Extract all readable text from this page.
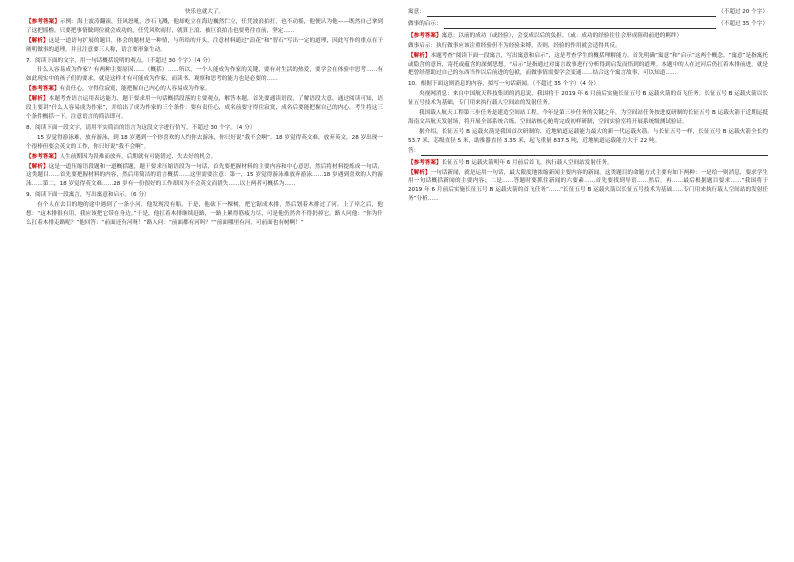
快乐也就大了。

【参考答案】示例：海上波涛翻滚，狂风怒吼，沙石飞溅，他却屹立在海边巍然伫立，任凭波浪拍打，也不动摇，他便认为他——既然自己拿到了这把摇橹，只要把事情做到位就会成功的，任凭风吹雨打，就算上浪、被巨浪拍击也要勇往直前，坚定……

【解析】这是一道语句扩展的题目，体会的题材是一种情，与所给的开头，注意材料通过“浪花”和“智石”写出一定的道理，因此写作的重点在于阐明做事的道理，并且注意要三人称，语言要形象生动。

7．阅读下面的文字，用一句话概括说明的观点。（不超过 30 个字）（4 分）

什么人容易成为作家？有两种主要原因……（概括）……所以，一个人能成为作家的关键，要有对生活的热爱，要学会在体验中思考……有如此现实中的孩子们的要求，就是这样才有可能成为作家，而读书、观察和思考的能力也是必要的……

【参考答案】有责任心，守得住寂寞，能把握自己内心的人容易成为作家。

【解析】本题考查语言运用表达能力，题干要求用一句话概括段落的主要观点，解答本题，首先要通读语段，了解语段大意，通过阅读可知，语段主要讲“什么人容易成为作家”，并给出了成为作家的三个条件：要有责任心，成名前要守得住寂寞，成名后要能把握自己的内心。考生将这三个条件概括一下，注意语言的简洁即可。

8．阅读下面一段文字，请用平实简洁的语言为这段文字进行仿写，不超过 30 个字。（4 分）

15 岁觉得游泳难，放弃游泳，到 18 岁遇到一个你喜欢的人约你去游泳，你只好说“我不会啊”。18 岁觉得英文难，放弃英文，28 岁出现一个很棒但要会英文的工作，你只好说“我不会啊”。

【参考答案】人生前期因为畏难而放弃，后期就有可能错过、失去好的机会。

【解析】这是一道压缩语段题和一道概括题，题干要求压缩语段为一句话，首先要把握材料的主要内容和中心意思，然后将材料提炼成一句话，这类题目……首先要把握材料的内容，然后用简洁的语言概括……这里需要注意：第一，15 岁觉得游泳难放弃游泳……18 岁遇到喜欢的人约游泳……第二，18 岁觉得英文难……28 岁有一份很好的工作却因为不会英文而错失……以上两者可概括为……

9．阅读下面一段寓言，写出寓意和启示。（6 分）

有个人在去目的地的途中遇到了一条小河，他发现没有船，于是，他砍下一棵树，把它锯成木排，然后划着木排过了河。上了岸之后，他想：“这木排很有用，我应该把它带在身边。”于是，他扛着木排继续赶路，一路上累得筋疲力尽，可是他仍然舍不得扔掉它。路人问他：“你为什么扛着木排走路呢？”他回答：“前面还有河呀！”路人问：“前面都有河吗？”“前面哪里有河，可前面也有树啊！”

寓意：	（不超过 20 个字）
做事的启示：	（不超过 35 个字）

【参考答案】寓意：以前的成功（或经验），会变成以后的负担。（或：成功的经验往往会形成阻碍前进的羁绊）

做事启示：执行做事应该注重经验但不为经验束缚，否则，经验的作用就会适得其反。

【解析】本题考查“阅读下面一段寓言，写出寓意和启示”，这是考查学生的概括理解能力。首先明确“寓意”和“启示”这两个概念。“寓意”是指寓托或隐含的意旨，寄托或蕴含的深刻思想。“启示”是指通过对寓言故事进行分析得到启发而悟到的道理。本题中的人在过河后仍扛着木排前进，就是把曾经帮助过自己的东西当作以后前进的包袱，而做事情需要学会变通……结合这个寓言故事，可以知道……

10．根据下面这则消息的内容，拟写一句话新闻。（不超过 35 个字）（4 分）

央视网消息：来自中国航天科技集团的消息说，我国将于 2019 年 6 月前后实施长征五号 B 运载火箭的首飞任务。长征五号 B 运载火箭以长征五号技术为基础，专门用来执行载人空间站的发射任务。

我国载人航天工程第三步任务是建造空间站工程。今年是第三步任务的关键之年，为空间站任务按进度研制的长征五号 B 运载火箭于近期运抵海南文昌航天发射场，将开展全部系统合练，空间站核心舱将完成初样研制，空间实验室将开展系统级测试验证。

据介绍，长征五号 B 运载火箭是我国首次研制的、近地轨道运载能力最大的新一代运载火箭。与长征五号一样，长征五号 B 运载火箭全长约 53.7 米，芯级直径 5 米，助推器直径 3.35 米，起飞重量 837.5 吨，近地轨道运载能力大于 22 吨。

答：

【参考答案】长征五号 B 运载火箭明年 6 月前后首飞，执行载人空间站发射任务。

【解析】一句话新闻，就是运用一句话，最大限度地浓缩新闻主要内容的新闻。这类题目的命题方式主要有如下两种：一是给一则消息，要求学生用一句话概括新闻的主要内容；二是……答题时要抓住新闻的六要素……首先要找到导语……然后，再……最后根据题目要求……“我国将于 2019 年 6 月前后实施长征五号 B 运载火箭的首飞任务”……“长征五号 B 运载火箭以长征五号技术为基础……专门用来执行载人空间站的发射任务”分析……
